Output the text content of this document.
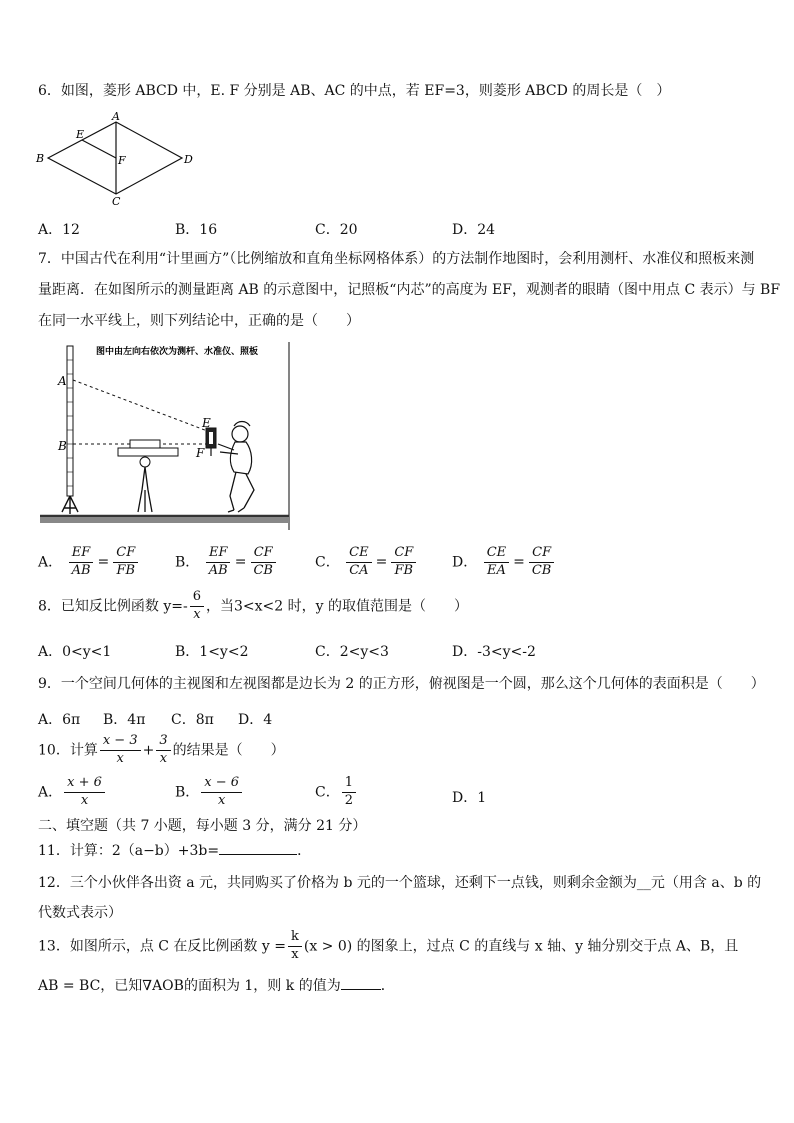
6．如图，菱形 ABCD 中，E. F 分别是 AB、AC 的中点，若 EF=3，则菱形 ABCD 的周长是（　）
A
B
C
D
E
F
A．12	B．16	C．20	D．24
7．中国古代在利用“计里画方”（比例缩放和直角坐标网格体系）的方法制作地图时，会利用测杆、水准仪和照板来测
量距离．在如图所示的测量距离 AB 的示意图中，记照板“内芯”的高度为 EF，观测者的眼睛（图中用点 C 表示）与 BF
在同一水平线上，则下列结论中，正确的是（　　）
图中由左向右依次为测杆、水准仪、照板
A
B
E
F
A． $\frac{EF}{AB} = \frac{CF}{FB}$	B． $\frac{EF}{AB} = \frac{CF}{CB}$	C． $\frac{CE}{CA} = \frac{CF}{FB}$	D． $\frac{CE}{EA} = \frac{CF}{CB}$
8．已知反比例函数 $y=- \frac{6}{x}$ ，当3<x<2 时，y 的取值范围是（　　）
A．0<y<1	B．1<y<2	C．2<y<3	D．-3<y<-2
9．一个空间几何体的主视图和左视图都是边长为 2 的正方形，俯视图是一个圆，那么这个几何体的表面积是（　　）
A．6π B．4π C．8π D．4
10．计算 $\frac{x - 3}{x} + \frac{3}{x}$ 的结果是（　　）
A． $\frac{x + 6}{x}$	B． $\frac{x - 6}{x}$	C． $\frac{1}{2}$	D．1
二、填空题（共 7 小题，每小题 3 分，满分 21 分）
11．计算：2（a−b）+3b=	．
12．三个小伙伴各出资 a 元，共同购买了价格为 b 元的一个篮球，还剩下一点钱，则剩余金额为__元（用含 a、b 的
代数式表示）
13．如图所示，点 C 在反比例函数 $y = \frac{k}{x} (x > 0)$ 的图象上，过点 C 的直线与 x 轴、y 轴分别交于点 A、B，且
AB = BC，已知∇AOB的面积为 1，则 k 的值为	．
